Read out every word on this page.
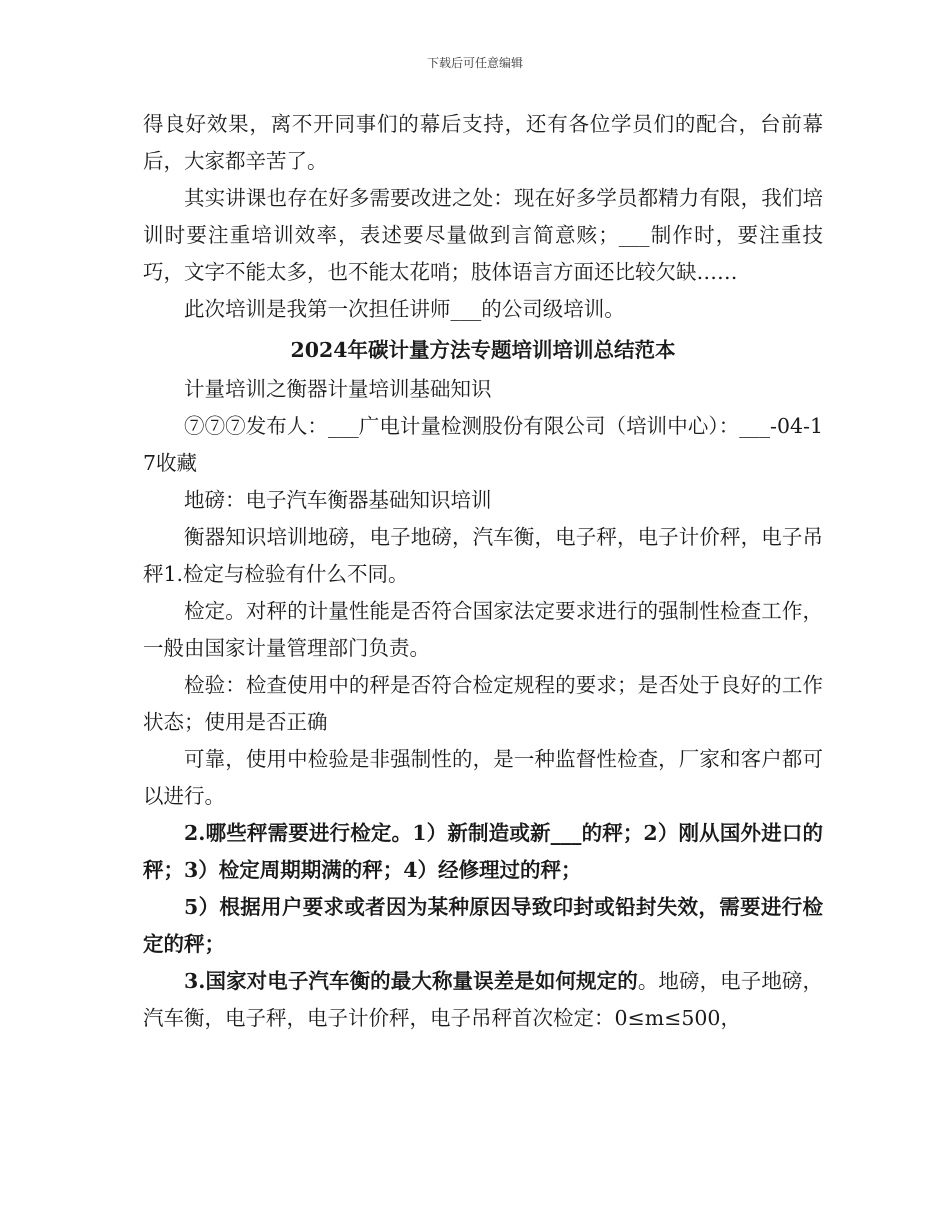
下载后可任意编辑

得良好效果，离不开同事们的幕后支持，还有各位学员们的配合，台前幕后，大家都辛苦了。

其实讲课也存在好多需要改进之处：现在好多学员都精力有限，我们培训时要注重培训效率，表述要尽量做到言简意赅；___制作时，要注重技巧，文字不能太多，也不能太花哨；肢体语言方面还比较欠缺……

此次培训是我第一次担任讲师___的公司级培训。

2024年碳计量方法专题培训培训总结范本

计量培训之衡器计量培训基础知识

⑦⑦⑦发布人：___广电计量检测股份有限公司（培训中心）：___-04-17收藏

地磅：电子汽车衡器基础知识培训

衡器知识培训地磅，电子地磅，汽车衡，电子秤，电子计价秤，电子吊秤1.检定与检验有什么不同。

检定。对秤的计量性能是否符合国家法定要求进行的强制性检查工作，一般由国家计量管理部门负责。

检验：检查使用中的秤是否符合检定规程的要求；是否处于良好的工作状态；使用是否正确

可靠，使用中检验是非强制性的，是一种监督性检查，厂家和客户都可以进行。

2.哪些秤需要进行检定。1）新制造或新___的秤；2）刚从国外进口的秤；3）检定周期期满的秤；4）经修理过的秤；

5）根据用户要求或者因为某种原因导致印封或铅封失效，需要进行检定的秤；

3.国家对电子汽车衡的最大称量误差是如何规定的。地磅，电子地磅，汽车衡，电子秤，电子计价秤，电子吊秤首次检定：0≤m≤500，
